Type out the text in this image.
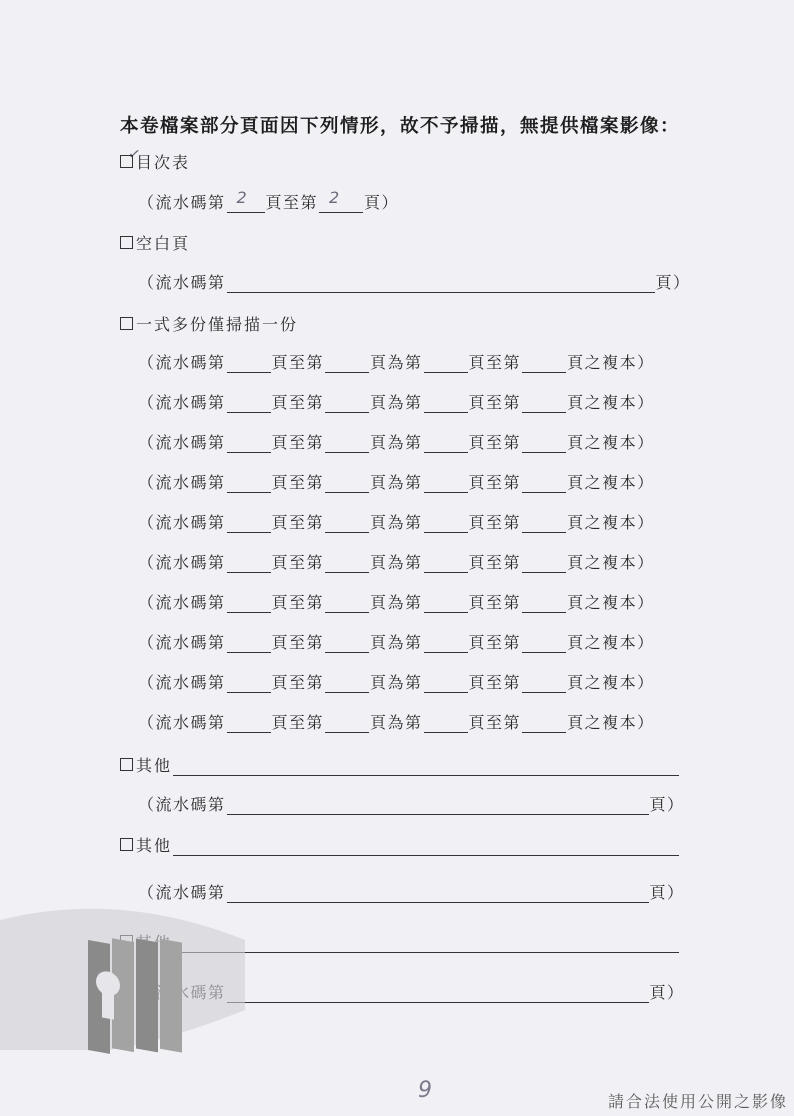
本卷檔案部分頁面因下列情形，故不予掃描，無提供檔案影像：
✓
目次表
（流水碼第 2 頁至第 2 頁）
空白頁
（流水碼第	頁）
一式多份僅掃描一份
（流水碼第	頁至第	頁為第	頁至第	頁之複本）
（流水碼第	頁至第	頁為第	頁至第	頁之複本）
（流水碼第	頁至第	頁為第	頁至第	頁之複本）
（流水碼第	頁至第	頁為第	頁至第	頁之複本）
（流水碼第	頁至第	頁為第	頁至第	頁之複本）
（流水碼第	頁至第	頁為第	頁至第	頁之複本）
（流水碼第	頁至第	頁為第	頁至第	頁之複本）
（流水碼第	頁至第	頁為第	頁至第	頁之複本）
（流水碼第	頁至第	頁為第	頁至第	頁之複本）
（流水碼第	頁至第	頁為第	頁至第	頁之複本）
其他
（流水碼第	頁）
其他
（流水碼第	頁）
頁）
9	請合法使用公開之影像
